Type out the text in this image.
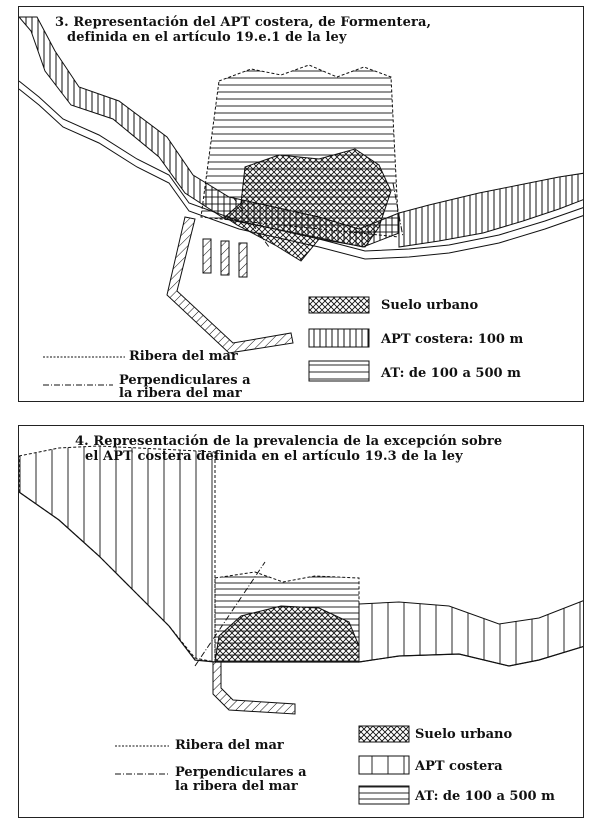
3. Representación del APT costera, de Formentera,
definida en el artículo 19.e.1 de la ley
Suelo urbano
APT costera: 100 m
AT: de 100 a 500 m
Ribera del mar
Perpendiculares a
la ribera del mar
4. Representación de la prevalencia de la excepción sobre
el APT costera definida en el artículo 19.3 de la ley
Suelo urbano
APT costera
AT: de 100 a 500 m
Ribera del mar
Perpendiculares a
la ribera del mar
